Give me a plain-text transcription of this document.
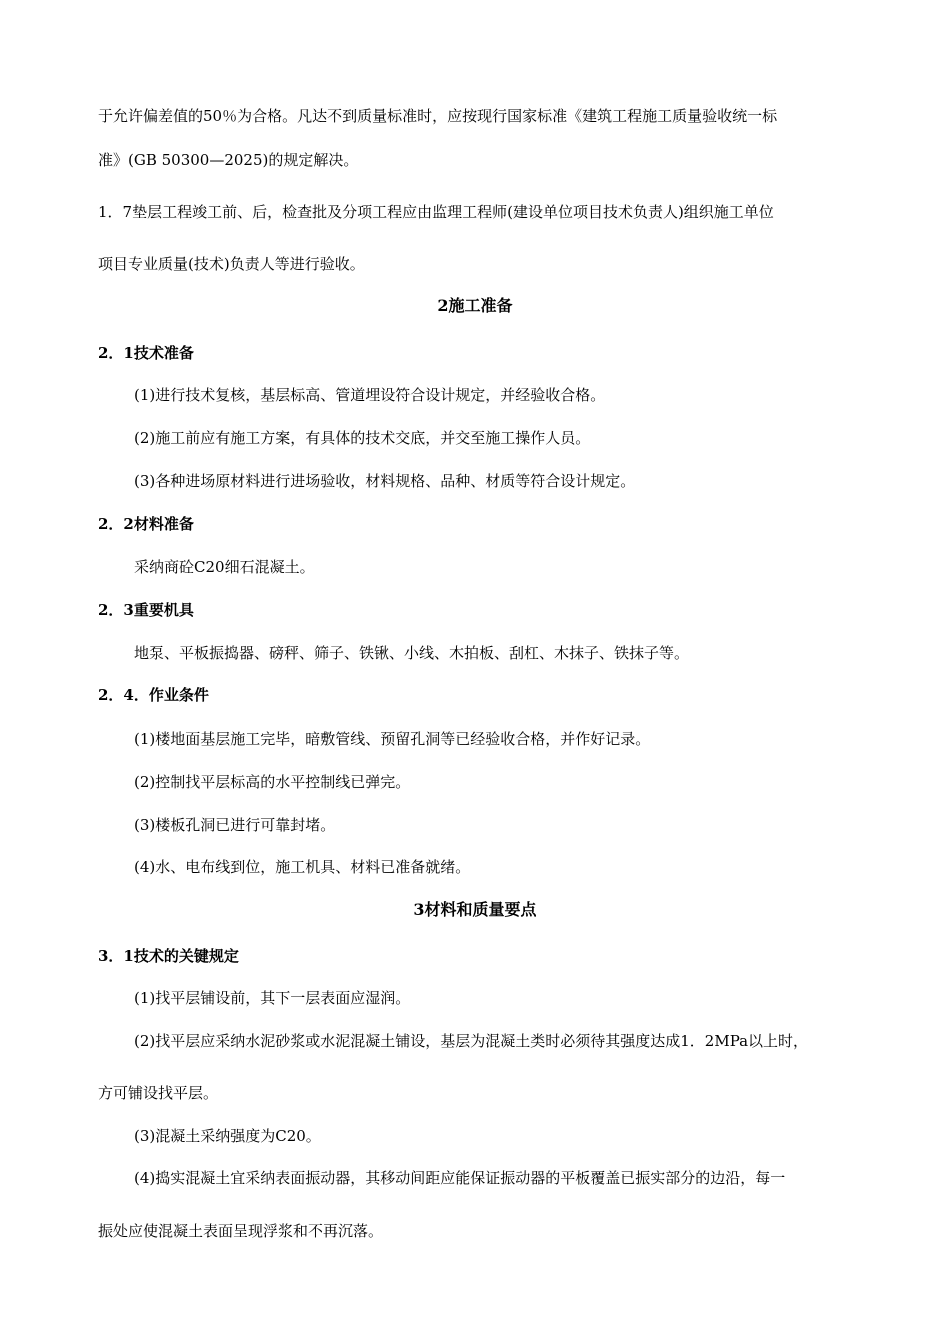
于允许偏差值的50％为合格。凡达不到质量标准时，应按现行国家标准《建筑工程施工质量验收统一标
准》(GB 50300—2025)的规定解决。
1．7垫层工程竣工前、后，检查批及分项工程应由监理工程师(建设单位项目技术负责人)组织施工单位
项目专业质量(技术)负责人等进行验收。
2施工准备
2．1技术准备
(1)进行技术复核，基层标高、管道埋设符合设计规定，并经验收合格。
(2)施工前应有施工方案，有具体的技术交底，并交至施工操作人员。
(3)各种进场原材料进行进场验收，材料规格、品种、材质等符合设计规定。
2．2材料准备
采纳商砼C20细石混凝土。
2．3重要机具
地泵、平板振捣器、磅秤、筛子、铁锹、小线、木拍板、刮杠、木抹子、铁抹子等。
2．4．作业条件
(1)楼地面基层施工完毕，暗敷管线、预留孔洞等已经验收合格，并作好记录。
(2)控制找平层标高的水平控制线已弹完。
(3)楼板孔洞已进行可靠封堵。
(4)水、电布线到位，施工机具、材料已准备就绪。
3材料和质量要点
3．1技术的关键规定
(1)找平层铺设前，其下一层表面应湿润。
(2)找平层应采纳水泥砂浆或水泥混凝土铺设，基层为混凝土类时必须待其强度达成1．2MPa以上时，
方可铺设找平层。
(3)混凝土采纳强度为C20。
(4)捣实混凝土宜采纳表面振动器，其移动间距应能保证振动器的平板覆盖已振实部分的边沿，每一
振处应使混凝土表面呈现浮浆和不再沉落。
